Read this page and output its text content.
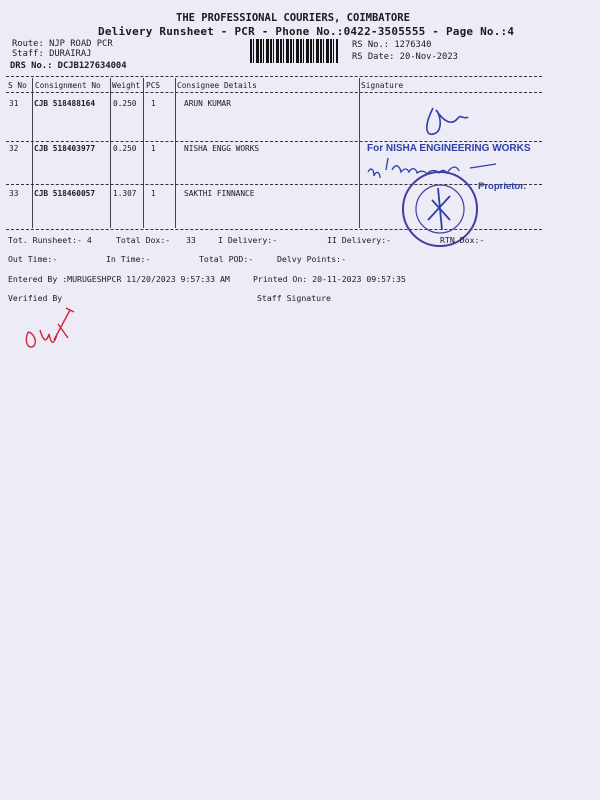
THE PROFESSIONAL COURIERS, COIMBATORE
Delivery Runsheet - PCR - Phone No.:0422-3505555 - Page No.:4
Route: NJP ROAD PCR
Staff: DURAIRAJ
DRS No.: DCJB127634004
RS No.: 1276340
RS Date: 20-Nov-2023
S No Consignment No Weight PCS Consignee Details	Signature
31 CJB 518488164 0.250 1	ARUN KUMAR
32 CJB 518403977 0.250 1	NISHA ENGG WORKS
33 CJB 518460057 1.307 1	SAKTHI FINNANCE
For NISHA ENGINEERING WORKS
Proprietor.
Tot. Runsheet:- 4	Total Dox:- 33	I Delivery:-	II Delivery:-	RTN Dox:-
Out Time:-	In Time:-	Total POD:-	Delvy Points:-
Entered By :MURUGESHPCR 11/20/2023 9:57:33 AM	Printed On: 20-11-2023 09:57:35
Verified By	Staff Signature
